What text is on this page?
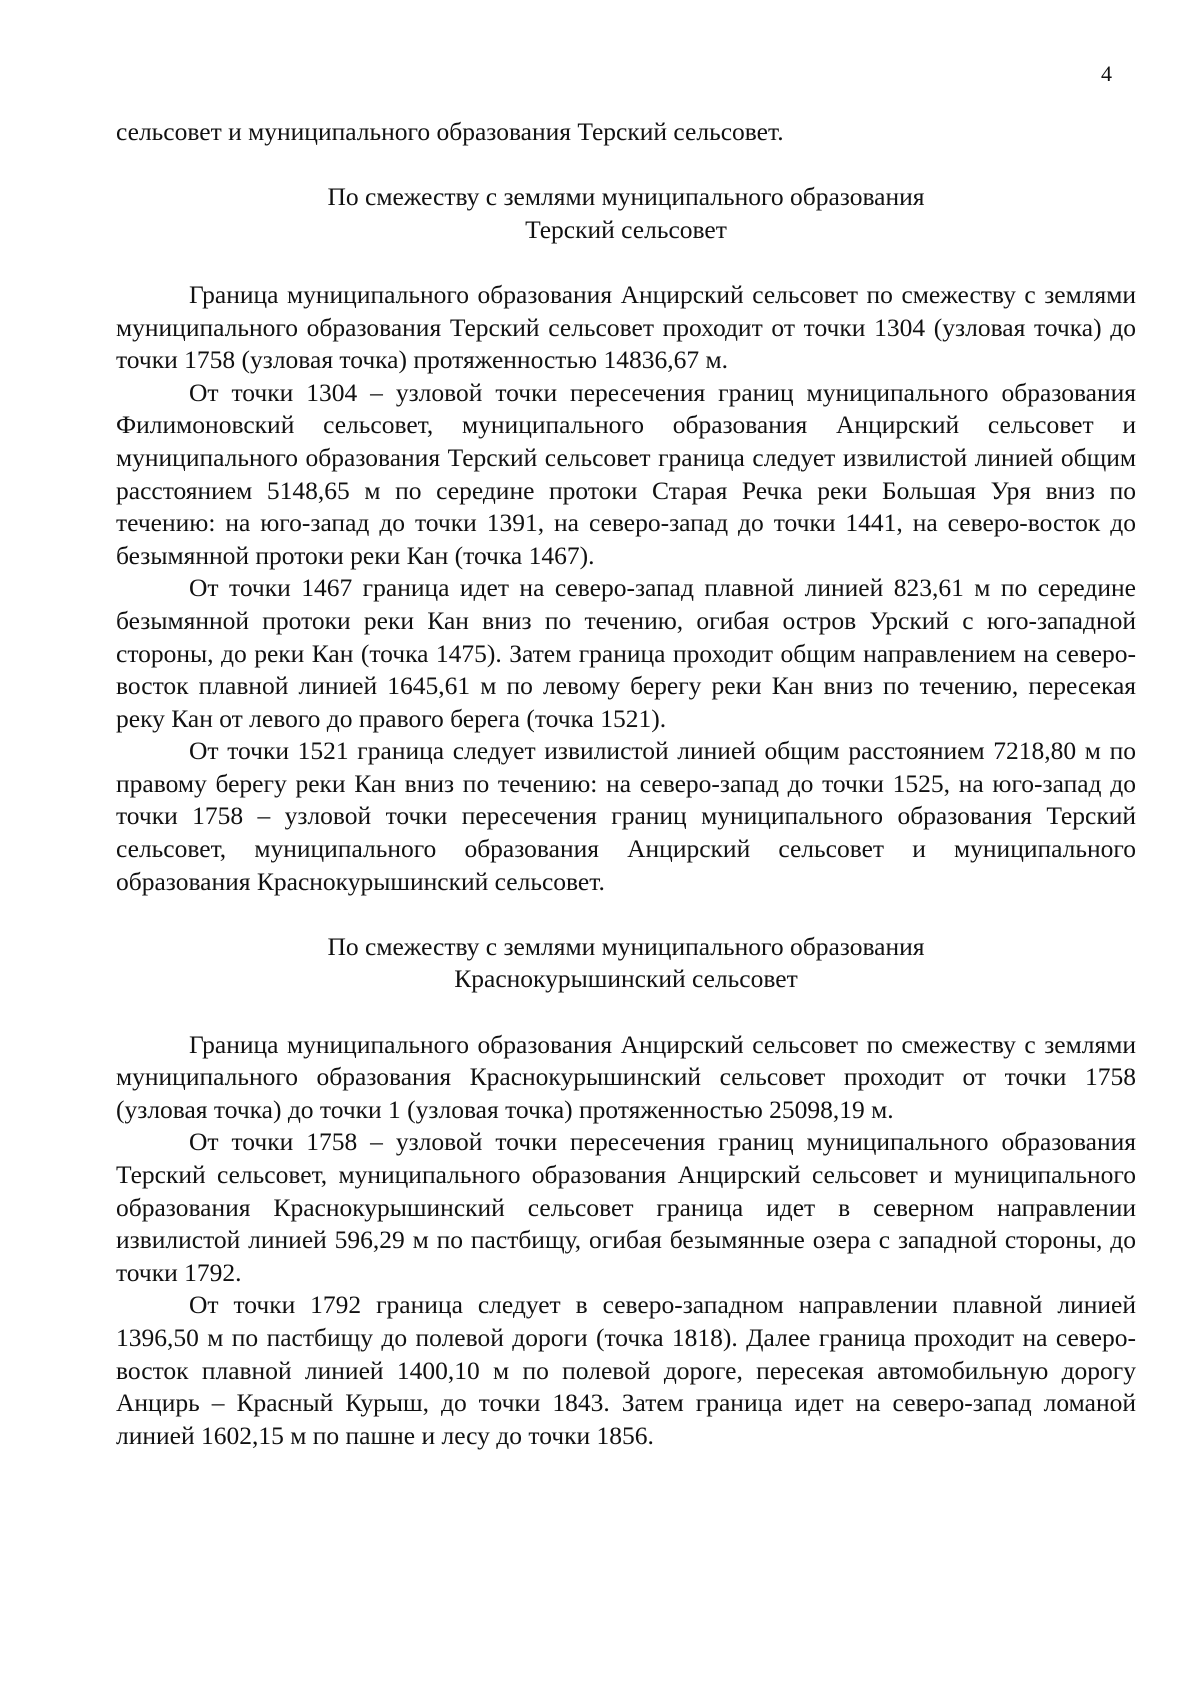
4

сельсовет и муниципального образования Терский сельсовет.

По смежеству с землями муниципального образования
Терский сельсовет

Граница муниципального образования Анцирский сельсовет по смежеству с землями муниципального образования Терский сельсовет проходит от точки 1304 (узловая точка) до точки 1758 (узловая точка) протяженностью 14836,67 м.

От точки 1304 – узловой точки пересечения границ муниципального образования Филимоновский сельсовет, муниципального образования Анцирский сельсовет и муниципального образования Терский сельсовет граница следует извилистой линией общим расстоянием 5148,65 м по середине протоки Старая Речка реки Большая Уря вниз по течению: на юго-запад до точки 1391, на северо-запад до точки 1441, на северо-восток до безымянной протоки реки Кан (точка 1467).

От точки 1467 граница идет на северо-запад плавной линией 823,61 м по середине безымянной протоки реки Кан вниз по течению, огибая остров Урский с юго-западной стороны, до реки Кан (точка 1475). Затем граница проходит общим направлением на северо-восток плавной линией 1645,61 м по левому берегу реки Кан вниз по течению, пересекая реку Кан от левого до правого берега (точка 1521).

От точки 1521 граница следует извилистой линией общим расстоянием 7218,80 м по правому берегу реки Кан вниз по течению: на северо-запад до точки 1525, на юго-запад до точки 1758 – узловой точки пересечения границ муниципального образования Терский сельсовет, муниципального образования Анцирский сельсовет и муниципального образования Краснокурышинский сельсовет.

По смежеству с землями муниципального образования
Краснокурышинский сельсовет

Граница муниципального образования Анцирский сельсовет по смежеству с землями муниципального образования Краснокурышинский сельсовет проходит от точки 1758 (узловая точка) до точки 1 (узловая точка) протяженностью 25098,19 м.

От точки 1758 – узловой точки пересечения границ муниципального образования Терский сельсовет, муниципального образования Анцирский сельсовет и муниципального образования Краснокурышинский сельсовет граница идет в северном направлении извилистой линией 596,29 м по пастбищу, огибая безымянные озера с западной стороны, до точки 1792.

От точки 1792 граница следует в северо-западном направлении плавной линией 1396,50 м по пастбищу до полевой дороги (точка 1818). Далее граница проходит на северо-восток плавной линией 1400,10 м по полевой дороге, пересекая автомобильную дорогу Анцирь – Красный Курыш, до точки 1843. Затем граница идет на северо-запад ломаной линией 1602,15 м по пашне и лесу до точки 1856.
